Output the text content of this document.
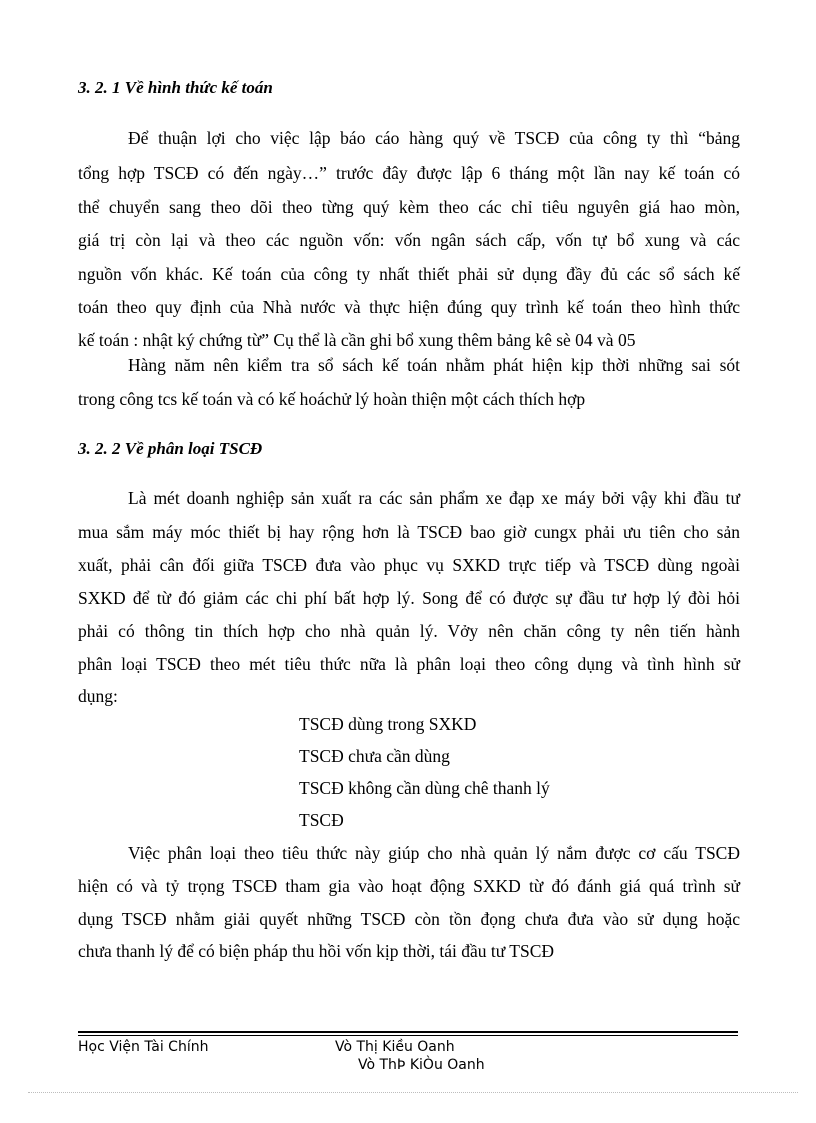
3. 2. 1 Về hình thức kế toán
Để thuận lợi cho việc lập báo cáo hàng quý về TSCĐ của công ty thì “bảng
tổng hợp TSCĐ có đến ngày…” trước đây được lập 6 tháng một lần nay kế toán có
thể chuyển sang theo dõi theo từng quý kèm theo các chỉ tiêu nguyên giá hao mòn,
giá trị còn lại và theo các nguồn vốn: vốn ngân sách cấp, vốn tự bổ xung và các
nguồn vốn khác. Kế toán của công ty nhất thiết phải sử dụng đầy đủ các sổ sách kế
toán theo quy định của Nhà nước và thực hiện đúng quy trình kế toán theo hình thức
kế toán : nhật ký chứng từ” Cụ thể là cần ghi bổ xung thêm bảng kê sè 04 và 05
Hàng năm nên kiểm tra sổ sách kế toán nhằm phát hiện kịp thời những sai sót
trong công tcs kế toán và có kế hoáchử lý hoàn thiện một cách thích hợp
3. 2. 2 Về phân loại TSCĐ
Là mét doanh nghiệp sản xuất ra các sản phẩm xe đạp xe máy bởi vậy khi đầu tư
mua sắm máy móc thiết bị hay rộng hơn là TSCĐ bao giờ cungx phải ưu tiên cho sản
xuất, phải cân đối giữa TSCĐ đưa vào phục vụ SXKD trực tiếp và TSCĐ dùng ngoài
SXKD để từ đó giảm các chi phí bất hợp lý. Song để có được sự đầu tư hợp lý đòi hỏi
phải có thông tin thích hợp cho nhà quản lý. Vởy nên chăn công ty nên tiến hành
phân loại TSCĐ theo mét tiêu thức nữa là phân loại theo công dụng và tình hình sử
dụng:
TSCĐ dùng trong SXKD
TSCĐ chưa cần dùng
TSCĐ không cần dùng chê thanh lý
TSCĐ
Việc phân loại theo tiêu thức này giúp cho nhà quản lý nắm được cơ cấu TSCĐ
hiện có và tỷ trọng TSCĐ tham gia vào hoạt động SXKD từ đó đánh giá quá trình sử
dụng TSCĐ nhằm giải quyết những TSCĐ còn tồn đọng chưa đưa vào sử dụng hoặc
chưa thanh lý để có biện pháp thu hồi vốn kịp thời, tái đầu tư TSCĐ
Học Viện Tài Chính	Vò Thị Kiều Oanh
Vò ThÞ KiÒu Oanh
